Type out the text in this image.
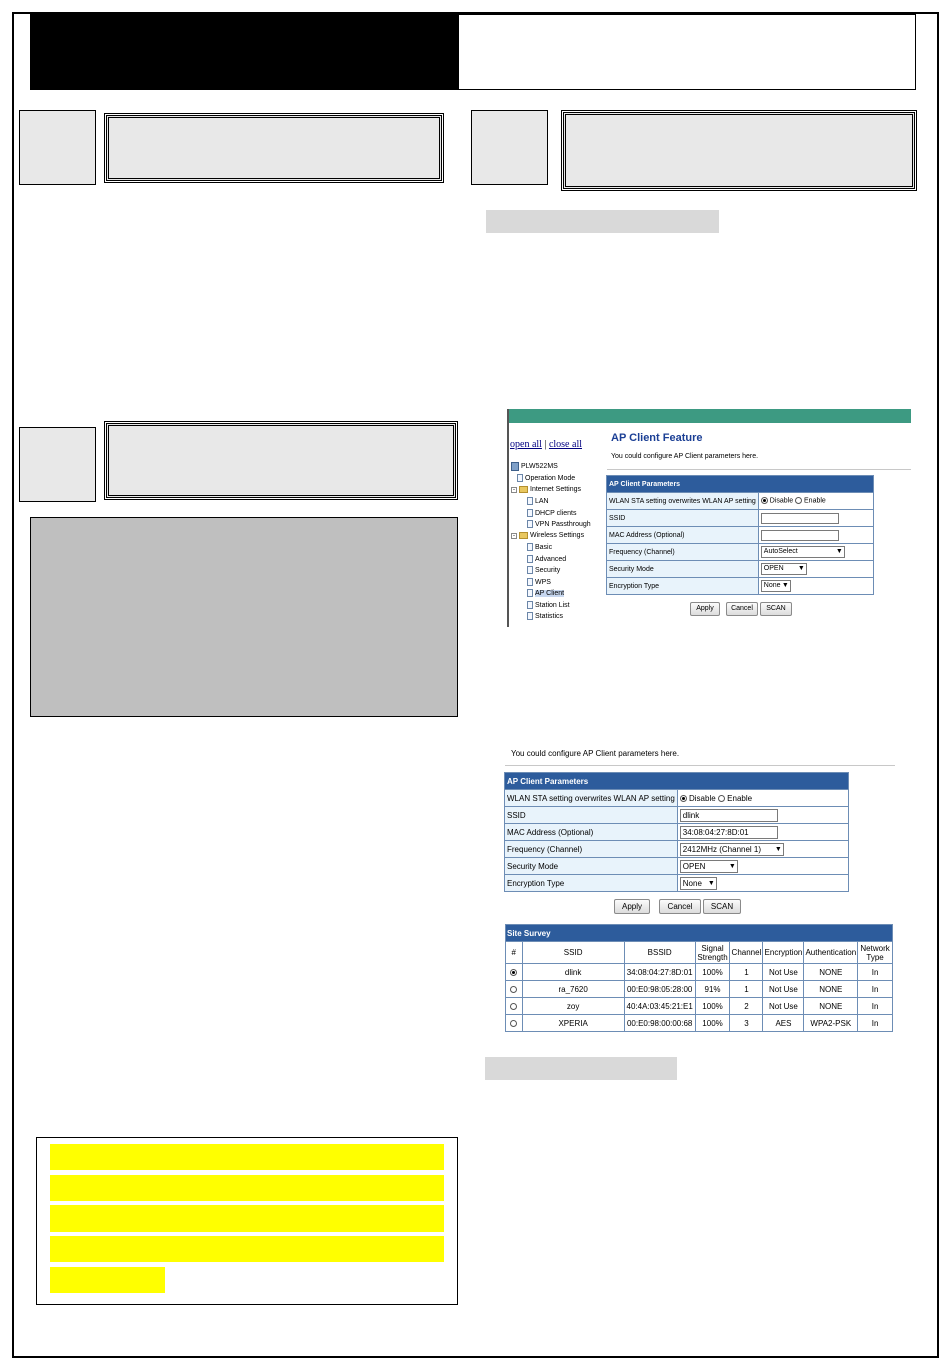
open all | close all
PLW522MS
Operation Mode
- Internet Settings
LAN
DHCP clients
VPN Passthrough
- Wireless Settings
Basic
Advanced
Security
WPS
AP Client
Station List
Statistics
AP Client Feature
You could configure AP Client parameters here.
AP Client Parameters	
WLAN STA setting overwrites WLAN AP setting	Disable Enable
SSID	
MAC Address (Optional)	
Frequency (Channel)	AutoSelect ▼

Security Mode	OPEN ▼

Encryption Type	None ▼
Apply	Cancel	SCAN
You could configure AP Client parameters here.
AP Client Parameters	
WLAN STA setting overwrites WLAN AP setting	Disable Enable
SSID	dlink
MAC Address (Optional)	34:08:04:27:8D:01
Frequency (Channel)	2412MHz (Channel 1) ▼

Security Mode	OPEN ▼

Encryption Type	None ▼
Apply	Cancel	SCAN
Site Survey							
#	SSID	BSSID	Signal Strength	Channel	Encryption	Authentication	Network Type
	dlink	34:08:04:27:8D:01	100%	1	Not Use	NONE	In
	ra_7620	00:E0:98:05:28:00	91%	1	Not Use	NONE	In
	zoy	40:4A:03:45:21:E1	100%	2	Not Use	NONE	In
	XPERIA	00:E0:98:00:00:68	100%	3	AES	WPA2-PSK	In
